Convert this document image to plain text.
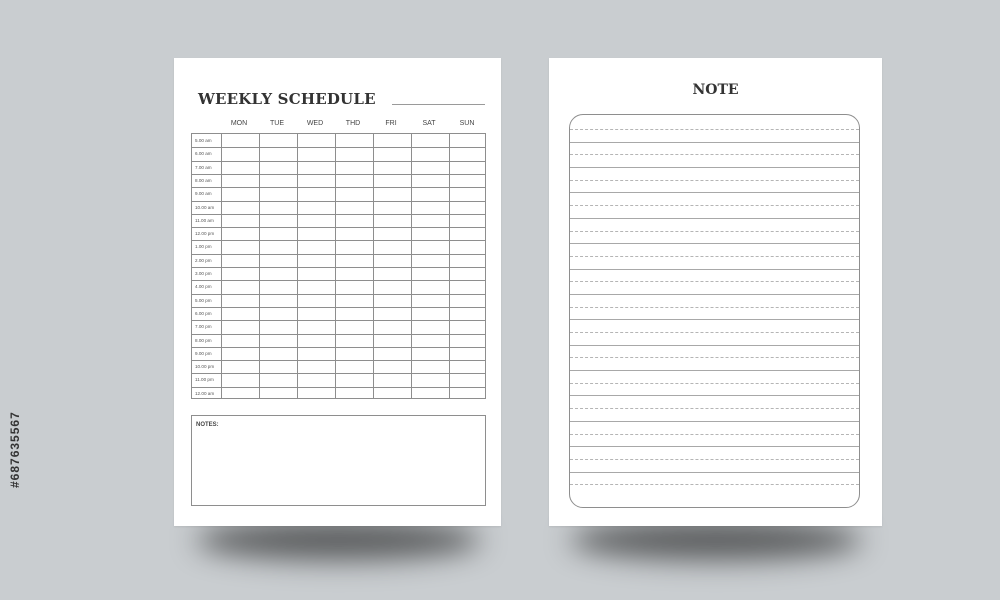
WEEKLY SCHEDULE
MON	TUE	WED	THD	FRI	SAT	SUN
5.00 am
6.00 am
7.00 am
8.00 am
9.00 am
10.00 am
11.00 am
12.00 pm
1.00 pm
2.00 pm
3.00 pm
4.00 pm
5.00 pm
6.00 pm
7.00 pm
8.00 pm
9.00 pm
10.00 pm
11.00 pm
12.00 am
NOTES:
NOTE
#687635567
